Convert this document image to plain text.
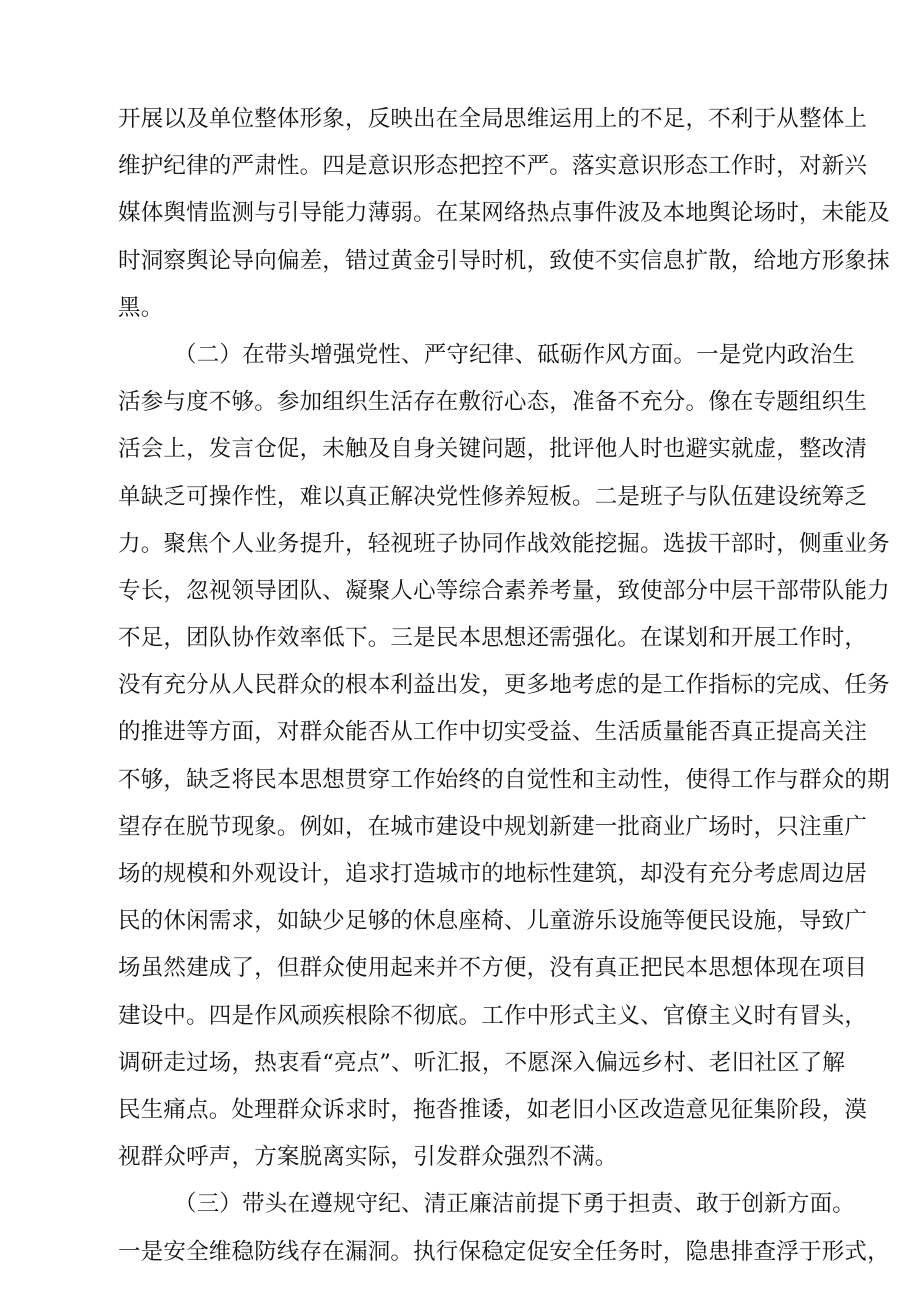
开展以及单位整体形象，反映出在全局思维运用上的不足，不利于从整体上
维护纪律的严肃性。四是意识形态把控不严。落实意识形态工作时，对新兴
媒体舆情监测与引导能力薄弱。在某网络热点事件波及本地舆论场时，未能及
时洞察舆论导向偏差，错过黄金引导时机，致使不实信息扩散，给地方形象抹
黑。
（二）在带头增强党性、严守纪律、砥砺作风方面。一是党内政治生
活参与度不够。参加组织生活存在敷衍心态，准备不充分。像在专题组织生
活会上，发言仓促，未触及自身关键问题，批评他人时也避实就虚，整改清
单缺乏可操作性，难以真正解决党性修养短板。二是班子与队伍建设统筹乏
力。聚焦个人业务提升，轻视班子协同作战效能挖掘。选拔干部时，侧重业务
专长，忽视领导团队、凝聚人心等综合素养考量，致使部分中层干部带队能力
不足，团队协作效率低下。三是民本思想还需强化。在谋划和开展工作时，
没有充分从人民群众的根本利益出发，更多地考虑的是工作指标的完成、任务
的推进等方面，对群众能否从工作中切实受益、生活质量能否真正提高关注
不够，缺乏将民本思想贯穿工作始终的自觉性和主动性，使得工作与群众的期
望存在脱节现象。例如，在城市建设中规划新建一批商业广场时，只注重广
场的规模和外观设计，追求打造城市的地标性建筑，却没有充分考虑周边居
民的休闲需求，如缺少足够的休息座椅、儿童游乐设施等便民设施，导致广
场虽然建成了，但群众使用起来并不方便，没有真正把民本思想体现在项目
建设中。四是作风顽疾根除不彻底。工作中形式主义、官僚主义时有冒头，
调研走过场，热衷看“亮点”、听汇报，不愿深入偏远乡村、老旧社区了解
民生痛点。处理群众诉求时，拖沓推诿，如老旧小区改造意见征集阶段，漠
视群众呼声，方案脱离实际，引发群众强烈不满。
（三）带头在遵规守纪、清正廉洁前提下勇于担责、敢于创新方面。
一是安全维稳防线存在漏洞。执行保稳定促安全任务时，隐患排查浮于形式，
